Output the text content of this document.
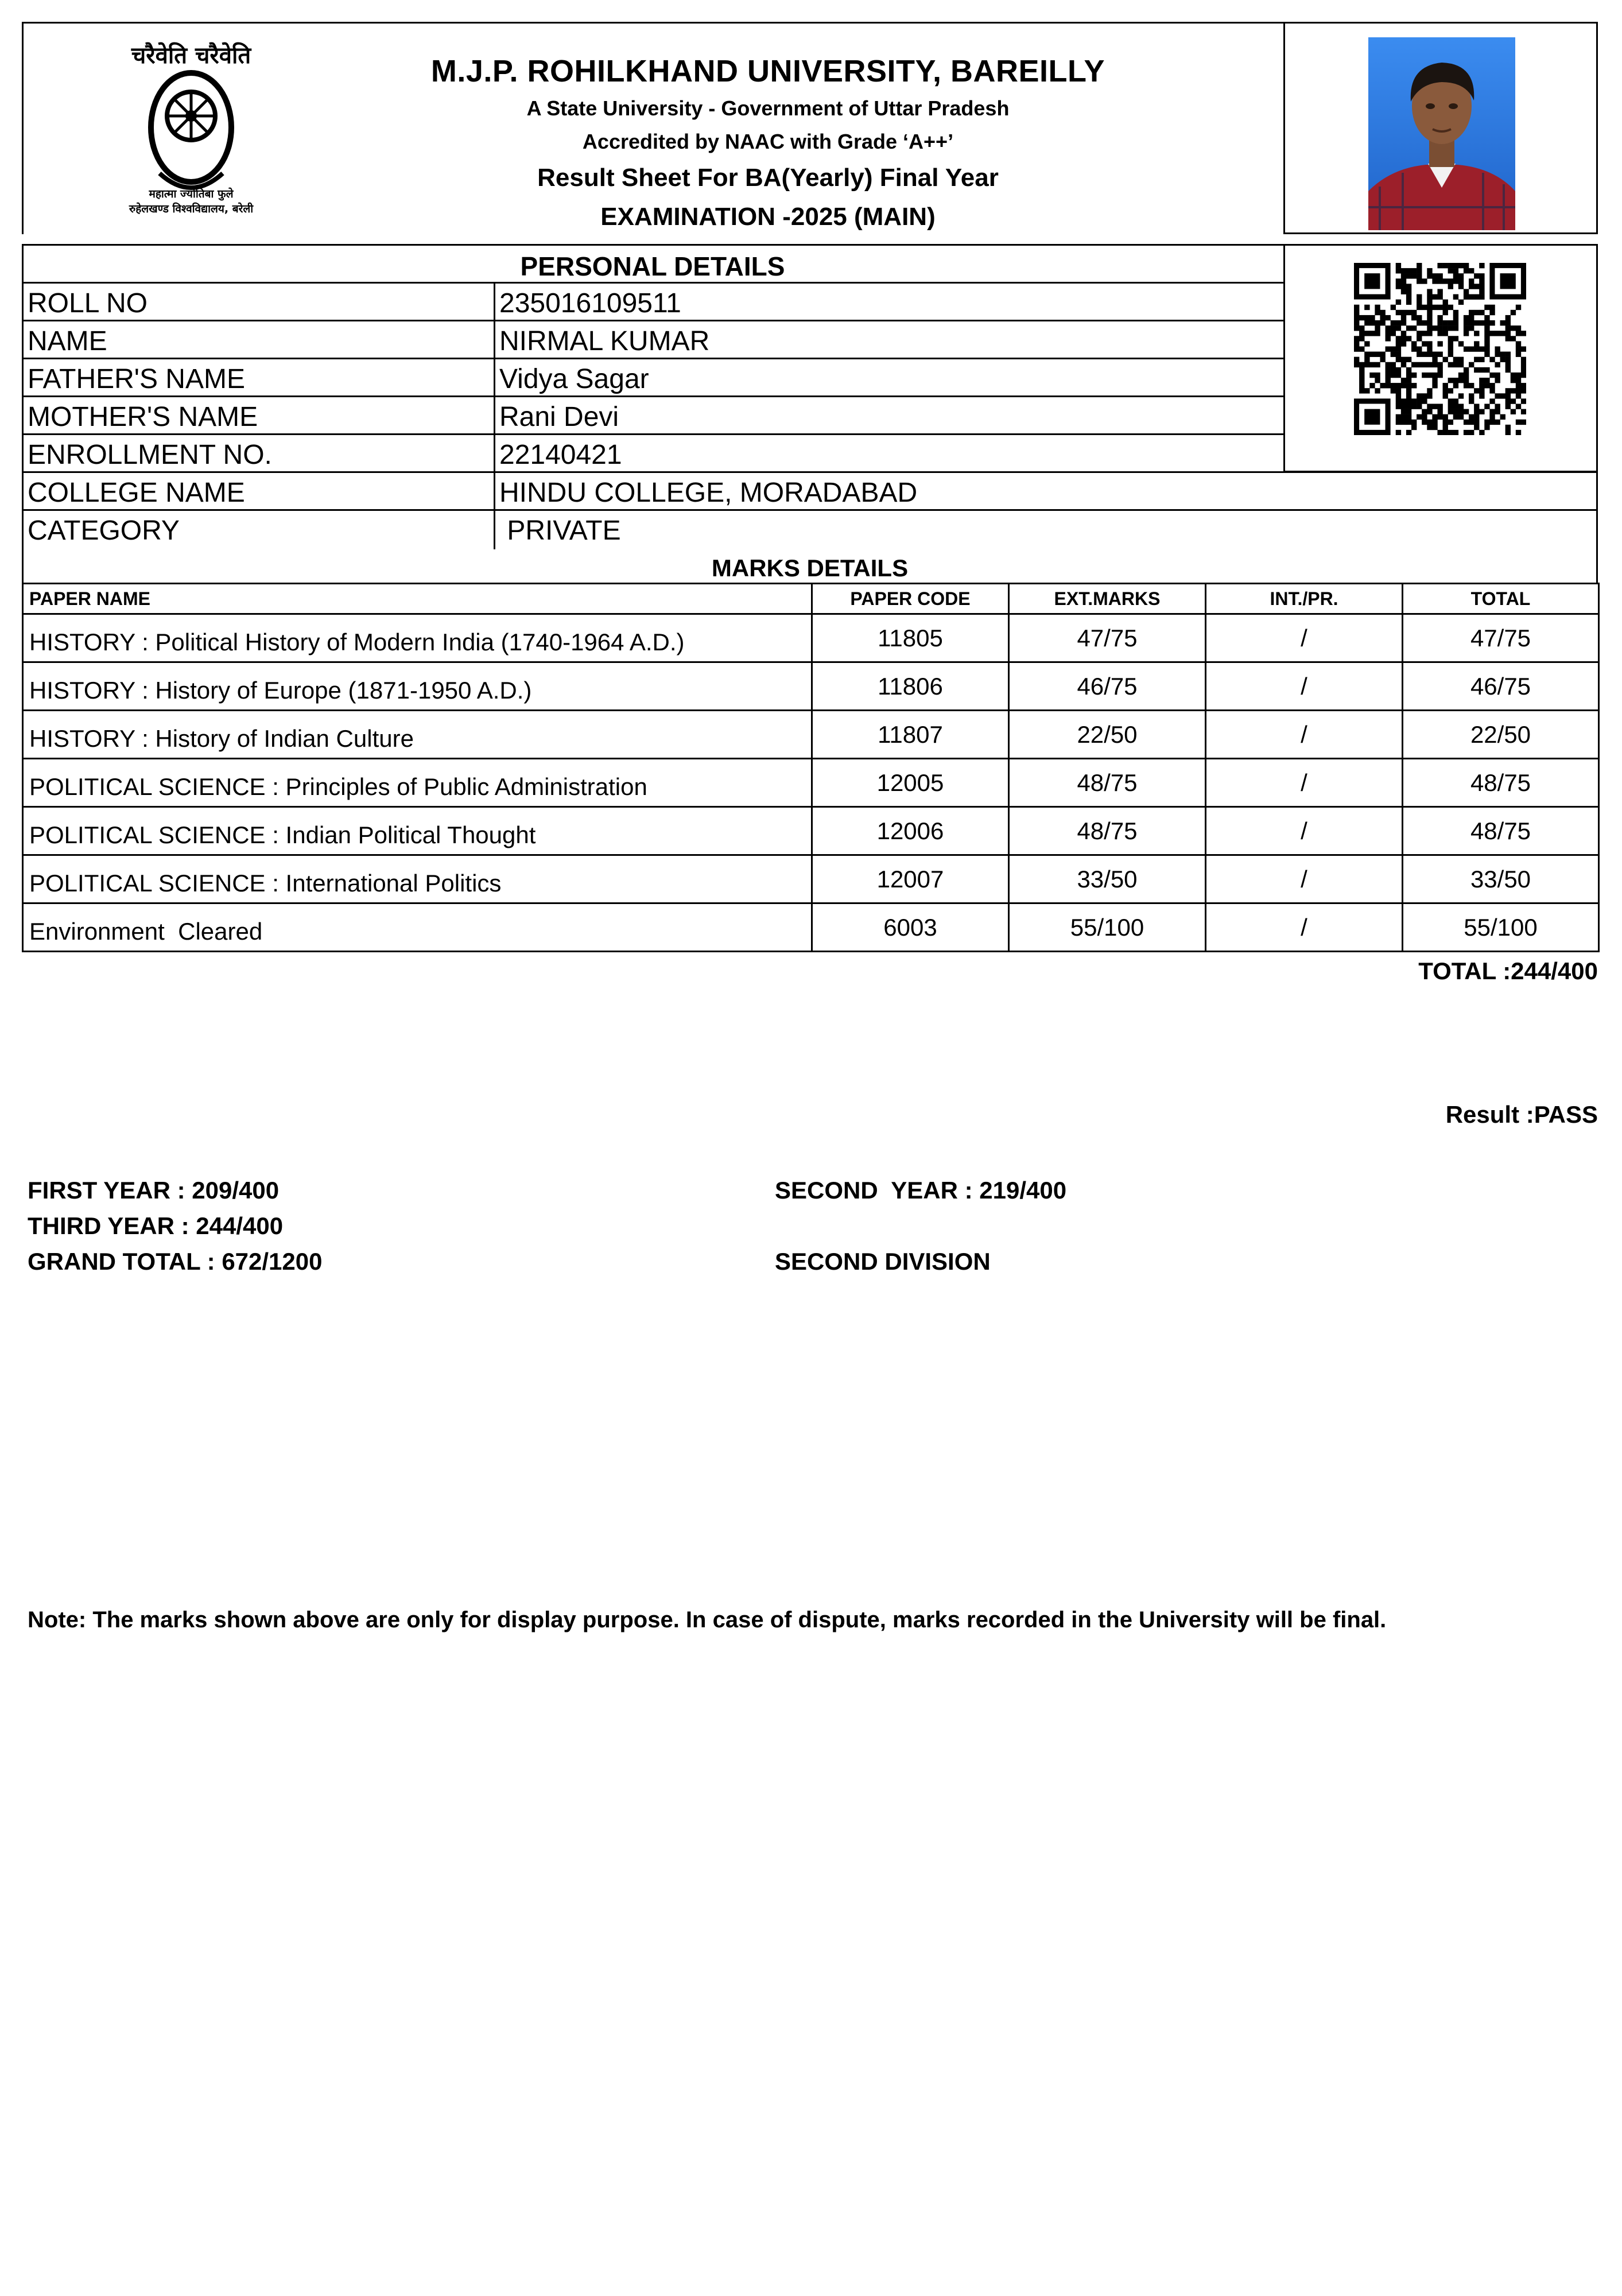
चरैवेति चरैवेति
महात्मा ज्योतिबा फुले
रुहेलखण्ड विश्वविद्यालय, बरेली
M.J.P. ROHILKHAND UNIVERSITY, BAREILLY
A State University - Government of Uttar Pradesh
Accredited by NAAC with Grade ‘A++’
Result Sheet For BA(Yearly) Final Year
EXAMINATION -2025 (MAIN)
PERSONAL DETAILS
ROLL NO	235016109511
NAME	NIRMAL KUMAR
FATHER'S NAME	Vidya Sagar
MOTHER'S NAME	Rani Devi
ENROLLMENT NO.	22140421
COLLEGE NAME	HINDU COLLEGE, MORADABAD
CATEGORY	PRIVATE
MARKS DETAILS
PAPER NAME	PAPER CODE	EXT.MARKS	INT./PR.	TOTAL
HISTORY : Political History of Modern India (1740-1964 A.D.)	11805	47/75	/	47/75
HISTORY : History of Europe (1871-1950 A.D.)	11806	46/75	/	46/75
HISTORY : History of Indian Culture	11807	22/50	/	22/50
POLITICAL SCIENCE : Principles of Public Administration	12005	48/75	/	48/75
POLITICAL SCIENCE : Indian Political Thought	12006	48/75	/	48/75
POLITICAL SCIENCE : International Politics	12007	33/50	/	33/50
Environment  Cleared	6003	55/100	/	55/100
TOTAL :244/400
Result :PASS
FIRST YEAR : 209/400	SECOND  YEAR : 219/400
THIRD YEAR : 244/400
GRAND TOTAL : 672/1200	SECOND DIVISION
Note: The marks shown above are only for display purpose. In case of dispute, marks recorded in the University will be final.
